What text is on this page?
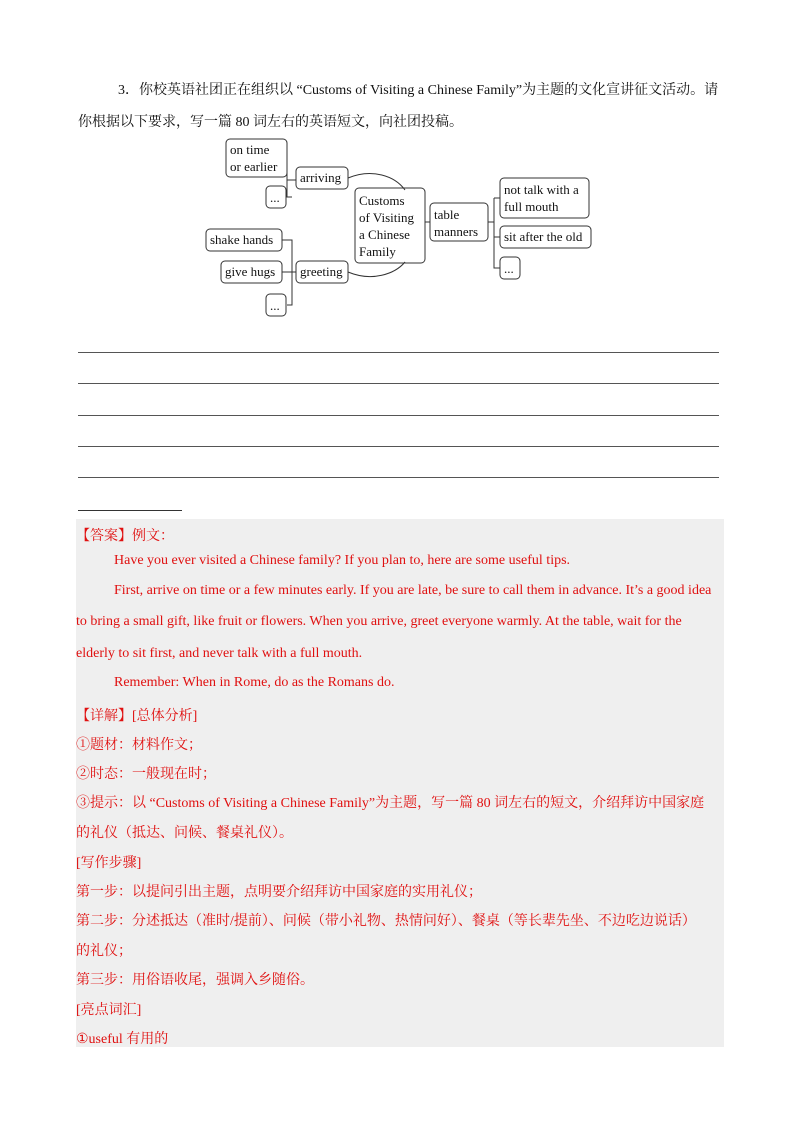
3．你校英语社团正在组织以 “Customs of Visiting a Chinese Family”为主题的文化宣讲征文活动。请
你根据以下要求，写一篇 80 词左右的英语短文，向社团投稿。
on time
or earlier
...
arriving
Customs
of Visiting
a Chinese
Family
table
manners
not talk with a
full mouth
sit after the old
...
shake hands
give hugs
...
greeting
【答案】例文：
Have you ever visited a Chinese family? If you plan to, here are some useful tips.
First, arrive on time or a few minutes early. If you are late, be sure to call them in advance. It’s a good idea
to bring a small gift, like fruit or flowers. When you arrive, greet everyone warmly. At the table, wait for the
elderly to sit first, and never talk with a full mouth.
Remember: When in Rome, do as the Romans do.
【详解】[总体分析]
①题材：材料作文；
②时态：一般现在时；
③提示：以 “Customs of Visiting a Chinese Family”为主题，写一篇 80 词左右的短文，介绍拜访中国家庭
的礼仪（抵达、问候、餐桌礼仪）。
[写作步骤]
第一步：以提问引出主题，点明要介绍拜访中国家庭的实用礼仪；
第二步：分述抵达（准时/提前）、问候（带小礼物、热情问好）、餐桌（等长辈先坐、不边吃边说话）
的礼仪；
第三步：用俗语收尾，强调入乡随俗。
[亮点词汇]
①useful 有用的
